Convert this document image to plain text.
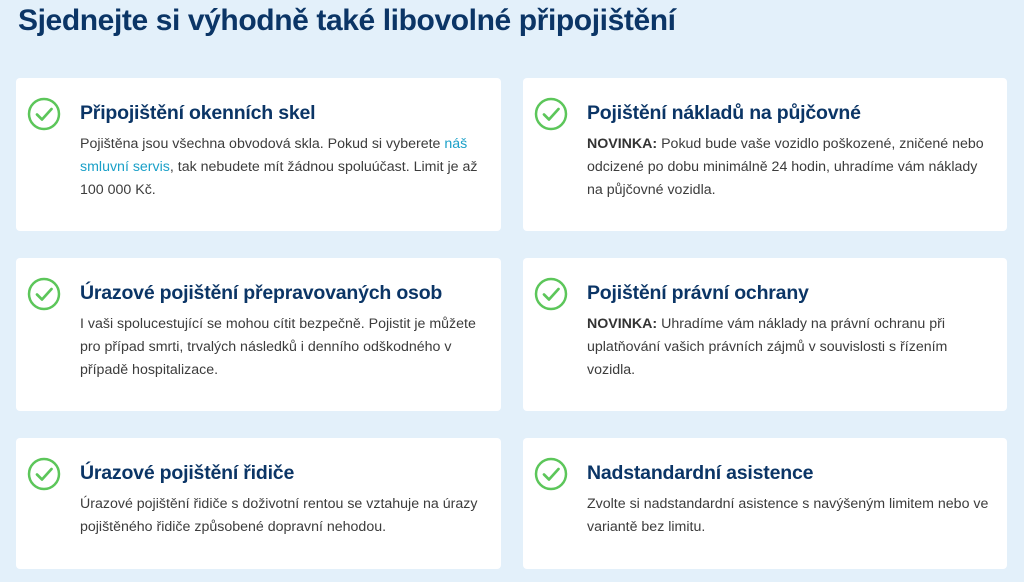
Sjednejte si výhodně také libovolné připojištění
Připojištění okenních skel

Pojištěna jsou všechna obvodová skla. Pokud si vyberete náš smluvní servis, tak nebudete mít žádnou spoluúčast. Limit je až 100 000 Kč.

Pojištění nákladů na půjčovné

NOVINKA: Pokud bude vaše vozidlo poškozené, zničené nebo odcizené po dobu minimálně 24 hodin, uhradíme vám náklady na půjčovné vozidla.

Úrazové pojištění přepravovaných osob

I vaši spolucestující se mohou cítit bezpečně. Pojistit je můžete pro případ smrti, trvalých následků i denního odškodného v případě hospitalizace.

Pojištění právní ochrany

NOVINKA: Uhradíme vám náklady na právní ochranu při uplatňování vašich právních zájmů v souvislosti s řízením vozidla.

Úrazové pojištění řidiče

Úrazové pojištění řidiče s doživotní rentou se vztahuje na úrazy pojištěného řidiče způsobené dopravní nehodou.

Nadstandardní asistence

Zvolte si nadstandardní asistence s navýšeným limitem nebo ve variantě bez limitu.
